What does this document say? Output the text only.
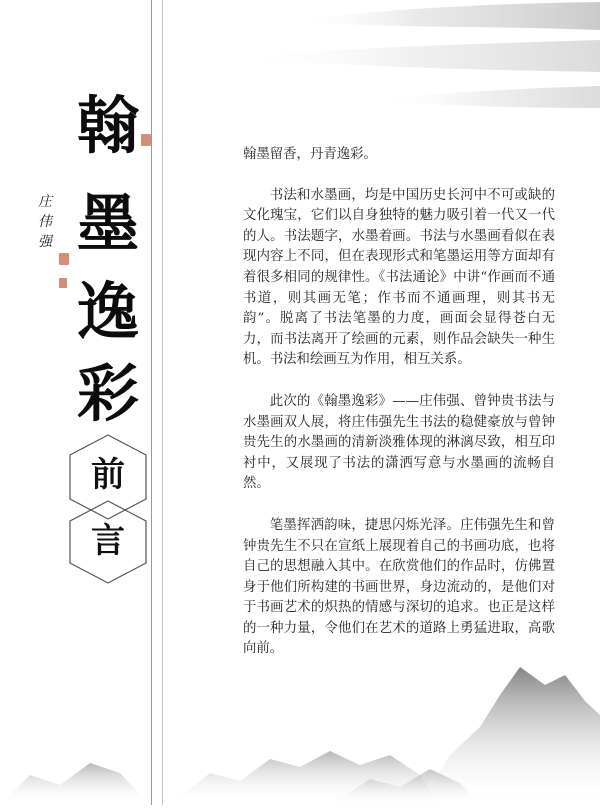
翰
墨
逸
彩
庄伟强
前
言

翰墨留香，丹青逸彩。

书法和水墨画，均是中国历史长河中不可或缺的文化瑰宝，它们以自身独特的魅力吸引着一代又一代的人。书法题字，水墨着画。书法与水墨画看似在表现内容上不同，但在表现形式和笔墨运用等方面却有着很多相同的规律性。《书法通论》中讲“作画而不通书道，则其画无笔；作书而不通画理，则其书无韵”。脱离了书法笔墨的力度，画面会显得苍白无力，而书法离开了绘画的元素，则作品会缺失一种生机。书法和绘画互为作用，相互关系。

此次的《翰墨逸彩》——庄伟强、曾钟贵书法与水墨画双人展，将庄伟强先生书法的稳健豪放与曾钟贵先生的水墨画的清新淡雅体现的淋漓尽致，相互印衬中，又展现了书法的潇洒写意与水墨画的流畅自然。

笔墨挥洒韵味，捷思闪烁光泽。庄伟强先生和曾钟贵先生不只在宣纸上展现着自己的书画功底，也将自己的思想融入其中。在欣赏他们的作品时，仿佛置身于他们所构建的书画世界，身边流动的，是他们对于书画艺术的炽热的情感与深切的追求。也正是这样的一种力量，令他们在艺术的道路上勇猛进取，高歌向前。
